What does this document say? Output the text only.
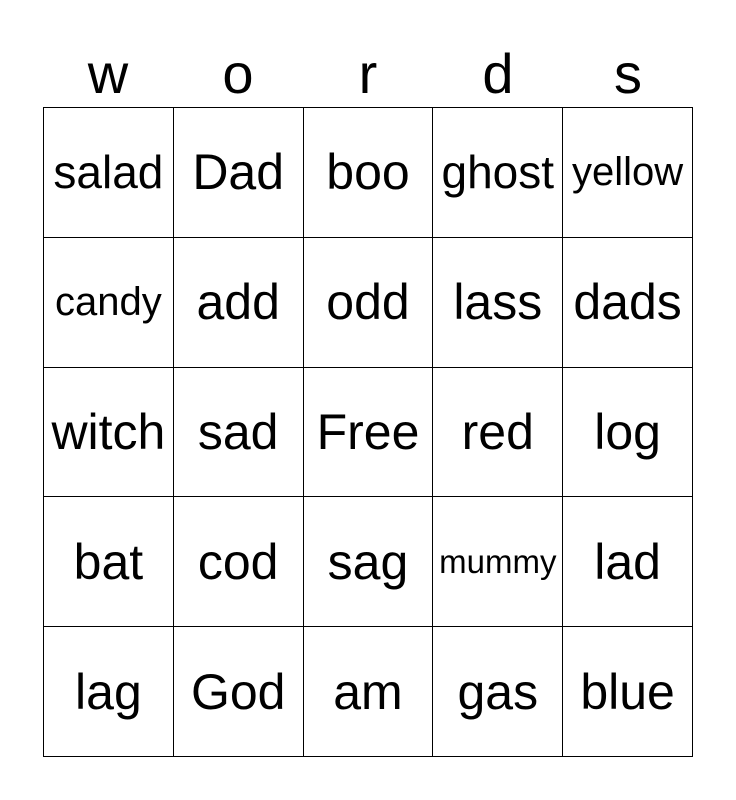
w	o	r	d	s
salad Dad boo ghost yellow
candy add odd lass dads
witch sad Free red	log
bat	cod sag mummy lad
lag God am	gas blue
